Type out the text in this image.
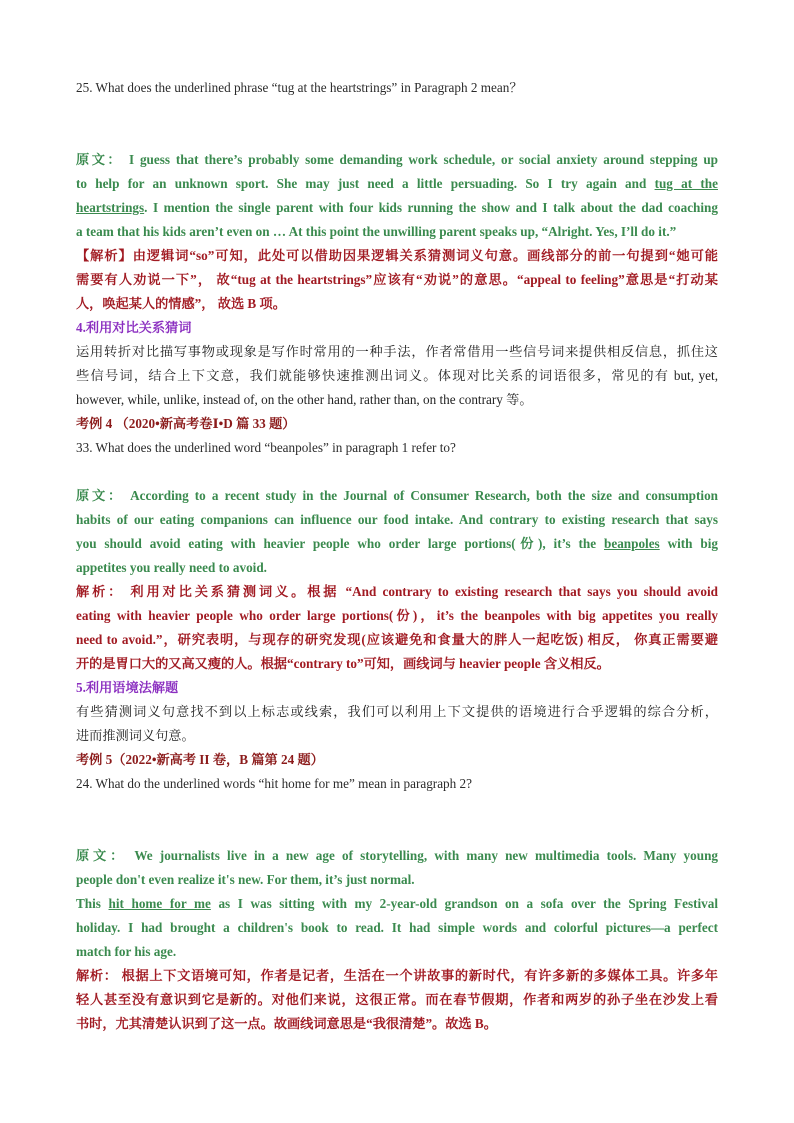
25. What does the underlined phrase “tug at the heartstrings” in Paragraph 2 mean？
原文： I guess that there’s probably some demanding work schedule, or social anxiety around stepping up
to help for an unknown sport. She may just need a little persuading. So I try again and tug at the
heartstrings. I mention the single parent with four kids running the show and I talk about the dad coaching
a team that his kids aren’t even on … At this point the unwilling parent speaks up, “Alright. Yes, I’ll do it.”
【解析】由逻辑词“so”可知，此处可以借助因果逻辑关系猜测词义句意。画线部分的前一句提到“她可能
需要有人劝说一下”， 故“tug at the heartstrings”应该有“劝说”的意思。“appeal to feeling”意思是“打动某
人，唤起某人的情感”， 故选 B 项。
4.利用对比关系猜词
运用转折对比描写事物或现象是写作时常用的一种手法，作者常借用一些信号词来提供相反信息，抓住这
些信号词，结合上下文意，我们就能够快速推测出词义。体现对比关系的词语很多，常见的有 but, yet,
however, while, unlike, instead of, on the other hand, rather than, on the contrary 等。
考例 4 （2020•新高考卷Ⅰ•D 篇 33 题）
33. What does the underlined word “beanpoles” in paragraph 1 refer to?
原文： According to a recent study in the Journal of Consumer Research, both the size and consumption
habits of our eating companions can influence our food intake. And contrary to existing research that says
you should avoid eating with heavier people who order large portions(份), it’s the beanpoles with big
appetites you really need to avoid.
解析： 利用对比关系猜测词义。根据 “And contrary to existing research that says you should avoid
eating with heavier people who order large portions(份)，it’s the beanpoles with big appetites you really
need to avoid.”，研究表明，与现存的研究发现(应该避免和食量大的胖人一起吃饭) 相反， 你真正需要避
开的是胃口大的又高又瘦的人。根据“contrary to”可知，画线词与 heavier people 含义相反。
5.利用语境法解题
有些猜测词义句意找不到以上标志或线索，我们可以利用上下文提供的语境进行合乎逻辑的综合分析，
进而推测词义句意。
考例 5（2022•新高考 II 卷，B 篇第 24 题）
24. What do the underlined words “hit home for me” mean in paragraph 2?
原文： We journalists live in a new age of storytelling, with many new multimedia tools. Many young
people don't even realize it's new. For them, it’s just normal.
This hit home for me as I was sitting with my 2-year-old grandson on a sofa over the Spring Festival
holiday. I had brought a children's book to read. It had simple words and colorful pictures—a perfect
match for his age.
解析： 根据上下文语境可知，作者是记者，生活在一个讲故事的新时代，有许多新的多媒体工具。许多年
轻人甚至没有意识到它是新的。对他们来说，这很正常。而在春节假期，作者和两岁的孙子坐在沙发上看
书时，尤其清楚认识到了这一点。故画线词意思是“我很清楚”。故选 B。
